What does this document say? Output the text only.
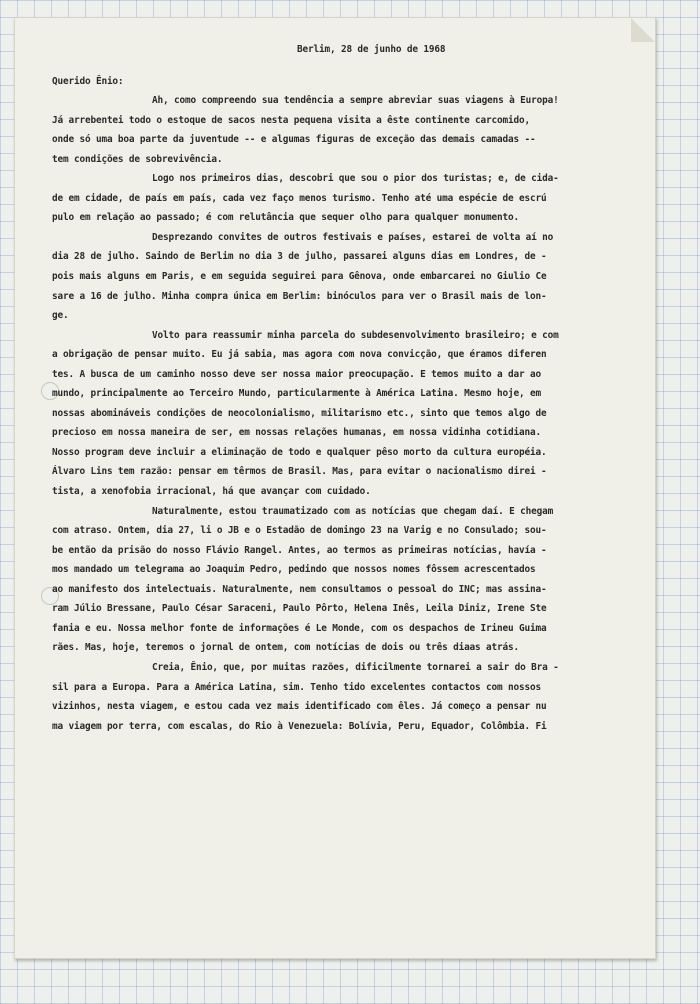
Berlim, 28 de junho de 1968
Querido Ênio:
Ah, como compreendo sua tendência a sempre abreviar suas viagens à Europa!
Já arrebentei todo o estoque de sacos nesta pequena visita a êste continente carcomido,
onde só uma boa parte da juventude -- e algumas figuras de exceção das demais camadas --
tem condições de sobrevivência.
Logo nos primeiros dias, descobri que sou o pior dos turistas; e, de cida-
de em cidade, de país em país, cada vez faço menos turismo. Tenho até uma espécie de escrú
pulo em relação ao passado; é com relutância que sequer olho para qualquer monumento.
Desprezando convites de outros festivais e países, estarei de volta aí no
dia 28 de julho. Saindo de Berlim no dia 3 de julho, passarei alguns dias em Londres, de -
pois mais alguns em Paris, e em seguida seguirei para Gênova, onde embarcarei no Giulio Ce
sare a 16 de julho. Minha compra única em Berlim: binóculos para ver o Brasil mais de lon-
ge.
Volto para reassumir minha parcela do subdesenvolvimento brasileiro; e com
a obrigação de pensar muito. Eu já sabia, mas agora com nova convicção, que éramos diferen
tes. A busca de um caminho nosso deve ser nossa maior preocupação. E temos muito a dar ao
mundo, principalmente ao Terceiro Mundo, particularmente à América Latina. Mesmo hoje, em
nossas abomináveis condições de neocolonialismo, militarismo etc., sinto que temos algo de
precioso em nossa maneira de ser, em nossas relações humanas, em nossa vidinha cotidiana.
Nosso program deve incluir a eliminação de todo e qualquer pêso morto da cultura européia.
Álvaro Lins tem razão: pensar em têrmos de Brasil. Mas, para evitar o nacionalismo direi -
tista, a xenofobia irracional, há que avançar com cuidado.
Naturalmente, estou traumatizado com as notícias que chegam daí. E chegam
com atraso. Ontem, dia 27, li o JB e o Estadão de domingo 23 na Varig e no Consulado; sou-
be então da prisão do nosso Flávio Rangel. Antes, ao termos as primeiras notícias, havía -
mos mandado um telegrama ao Joaquim Pedro, pedindo que nossos nomes fôssem acrescentados
ao manifesto dos intelectuais. Naturalmente, nem consultamos o pessoal do INC; mas assina-
ram Júlio Bressane, Paulo César Saraceni, Paulo Pôrto, Helena Inês, Leila Diniz, Irene Ste
fania e eu. Nossa melhor fonte de informações é Le Monde, com os despachos de Irineu Guima
rães. Mas, hoje, teremos o jornal de ontem, com notícias de dois ou três diaas atrás.
Creia, Ênio, que, por muitas razões, dificilmente tornarei a sair do Bra -
sil para a Europa. Para a América Latina, sim. Tenho tido excelentes contactos com nossos
vizinhos, nesta viagem, e estou cada vez mais identificado com êles. Já começo a pensar nu
ma viagem por terra, com escalas, do Rio à Venezuela: Bolívia, Peru, Equador, Colômbia. Fi
